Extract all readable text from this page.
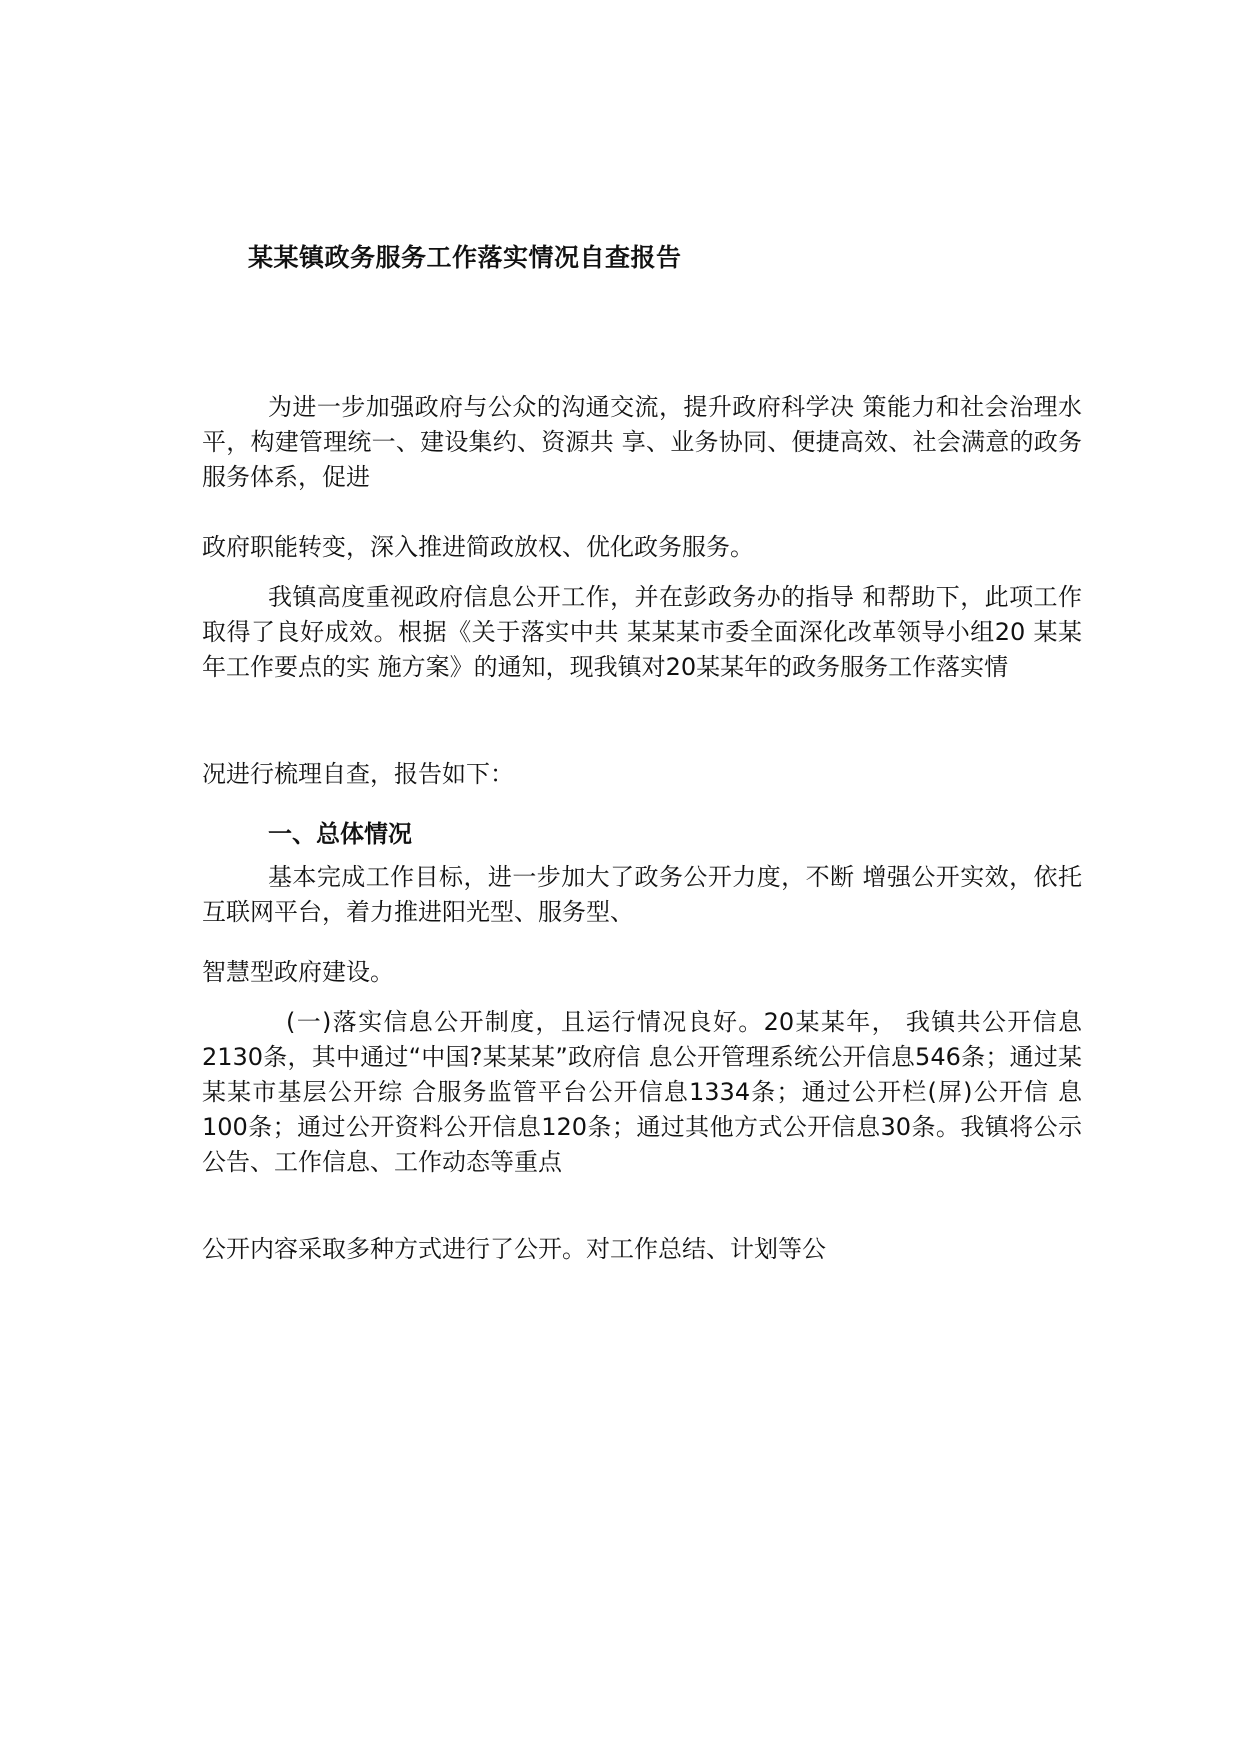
某某镇政务服务工作落实情况自查报告

为进一步加强政府与公众的沟通交流，提升政府科学决 策能力和社会治理水平，构建管理统一、建设集约、资源共 享、业务协同、便捷高效、社会满意的政务服务体系，促进

政府职能转变，深入推进简政放权、优化政务服务。

我镇高度重视政府信息公开工作，并在彭政务办的指导 和帮助下，此项工作取得了良好成效。根据《关于落实中共 某某某市委全面深化改革领导小组20 某某年工作要点的实 施方案》的通知，现我镇对20某某年的政务服务工作落实情

况进行梳理自查，报告如下：

一、总体情况

基本完成工作目标，进一步加大了政务公开力度，不断 增强公开实效，依托互联网平台，着力推进阳光型、服务型、

智慧型政府建设。

(一)落实信息公开制度，且运行情况良好。20某某年， 我镇共公开信息2130条，其中通过“中国?某某某”政府信 息公开管理系统公开信息546条；通过某某某市基层公开综 合服务监管平台公开信息1334条；通过公开栏(屏)公开信 息100条；通过公开资料公开信息120条；通过其他方式公开信息30条。我镇将公示公告、工作信息、工作动态等重点

公开内容采取多种方式进行了公开。对工作总结、计划等公
